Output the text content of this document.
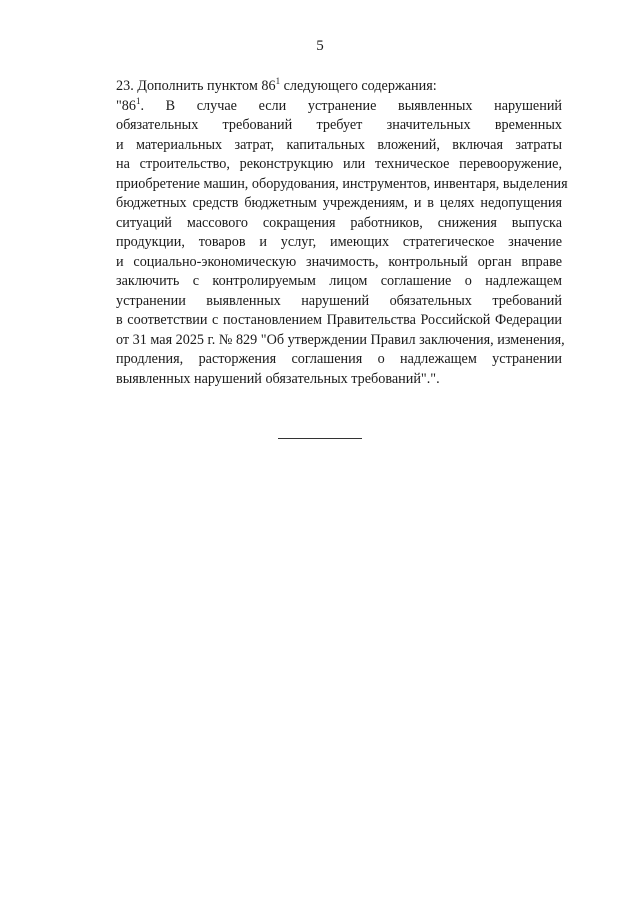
5

23. Дополнить пунктом $86^1$ следующего содержания:

"$86^1$. В случае если устранение выявленных нарушений
обязательных требований требует значительных временных
и материальных затрат, капитальных вложений, включая затраты
на строительство, реконструкцию или техническое перевооружение,
приобретение машин, оборудования, инструментов, инвентаря, выделения
бюджетных средств бюджетным учреждениям, и в целях недопущения
ситуаций массового сокращения работников, снижения выпуска
продукции, товаров и услуг, имеющих стратегическое значение
и социально-экономическую значимость, контрольный орган вправе
заключить с контролируемым лицом соглашение о надлежащем
устранении выявленных нарушений обязательных требований
в соответствии с постановлением Правительства Российской Федерации
от 31 мая 2025 г. № 829 "Об утверждении Правил заключения, изменения,
продления, расторжения соглашения о надлежащем устранении
выявленных нарушений обязательных требований".".
